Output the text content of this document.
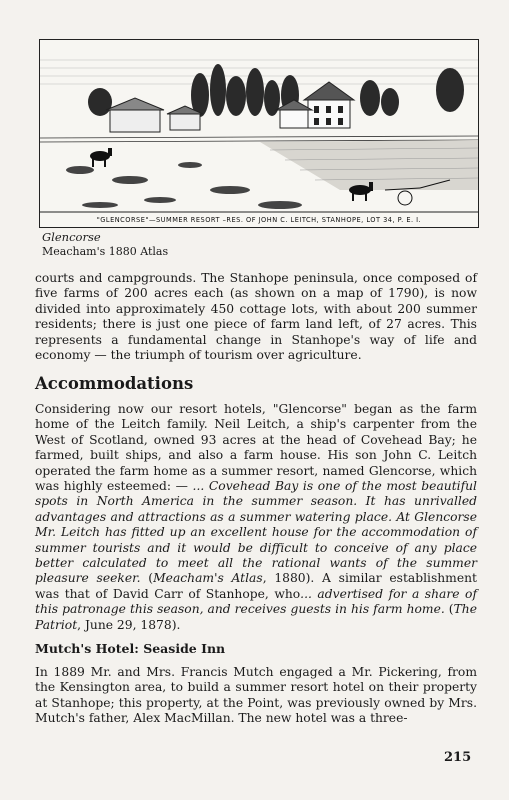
"GLENCORSE"—SUMMER RESORT –RES. OF JOHN C. LEITCH, STANHOPE, LOT 34, P. E. I.
Glencorse
Meacham's 1880 Atlas
courts and campgrounds. The Stanhope peninsula, once composed of five farms of 200 acres each (as shown on a map of 1790), is now divided into approximately 450 cottage lots, with about 200 summer residents; there is just one piece of farm land left, of 27 acres. This represents a fundamental change in Stanhope's way of life and economy — the triumph of tourism over agriculture.
Accommodations
Considering now our resort hotels, "Glencorse" began as the farm home of the Leitch family. Neil Leitch, a ship's carpenter from the West of Scotland, owned 93 acres at the head of Covehead Bay; he farmed, built ships, and also a farm house. His son John C. Leitch operated the farm home as a summer resort, named Glencorse, which was highly esteemed: — ... Covehead Bay is one of the most beautiful spots in North America in the summer season. It has unrivalled advantages and attractions as a summer watering place. At Glencorse Mr. Leitch has fitted up an excellent house for the accommodation of summer tourists and it would be difficult to conceive of any place better calculated to meet all the rational wants of the summer pleasure seeker. (Meacham's Atlas, 1880). A similar establishment was that of David Carr of Stanhope, who... advertised for a share of this patronage this season, and receives guests in his farm home. (The Patriot, June 29, 1878).
Mutch's Hotel: Seaside Inn
In 1889 Mr. and Mrs. Francis Mutch engaged a Mr. Pickering, from the Kensington area, to build a summer resort hotel on their property at Stanhope; this property, at the Point, was previously owned by Mrs. Mutch's father, Alex MacMillan. The new hotel was a three-
215
